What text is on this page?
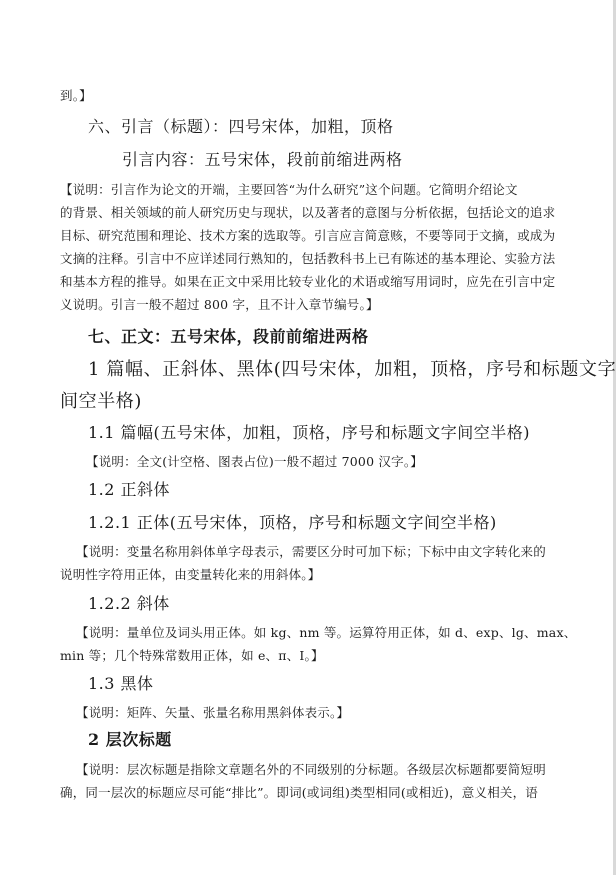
到。】
六、引言（标题）：四号宋体，加粗，顶格
引言内容：五号宋体，段前前缩进两格
【说明：引言作为论文的开端，主要回答“为什么研究”这个问题。它简明介绍论文
的背景、相关领域的前人研究历史与现状，以及著者的意图与分析依据，包括论文的追求
目标、研究范围和理论、技术方案的选取等。引言应言简意赅，不要等同于文摘，或成为
文摘的注释。引言中不应详述同行熟知的，包括教科书上已有陈述的基本理论、实验方法
和基本方程的推导。如果在正文中采用比较专业化的术语或缩写用词时，应先在引言中定
义说明。引言一般不超过 800 字，且不计入章节编号。】
七、正文：五号宋体，段前前缩进两格
1 篇幅、正斜体、黑体(四号宋体，加粗，顶格，序号和标题文字
间空半格)
1.1 篇幅(五号宋体，加粗，顶格，序号和标题文字间空半格)
【说明：全文(计空格、图表占位)一般不超过 7000 汉字。】
1.2 正斜体
1.2.1 正体(五号宋体，顶格，序号和标题文字间空半格)
【说明：变量名称用斜体单字母表示，需要区分时可加下标；下标中由文字转化来的
说明性字符用正体，由变量转化来的用斜体。】
1.2.2 斜体
【说明：量单位及词头用正体。如 kg、nm 等。运算符用正体，如 d、exp、lg、max、
min 等；几个特殊常数用正体，如 e、π、I。】
1.3 黑体
【说明：矩阵、矢量、张量名称用黑斜体表示。】
2 层次标题
【说明：层次标题是指除文章题名外的不同级别的分标题。各级层次标题都要简短明
确，同一层次的标题应尽可能“排比”。即词(或词组)类型相同(或相近)，意义相关，语
